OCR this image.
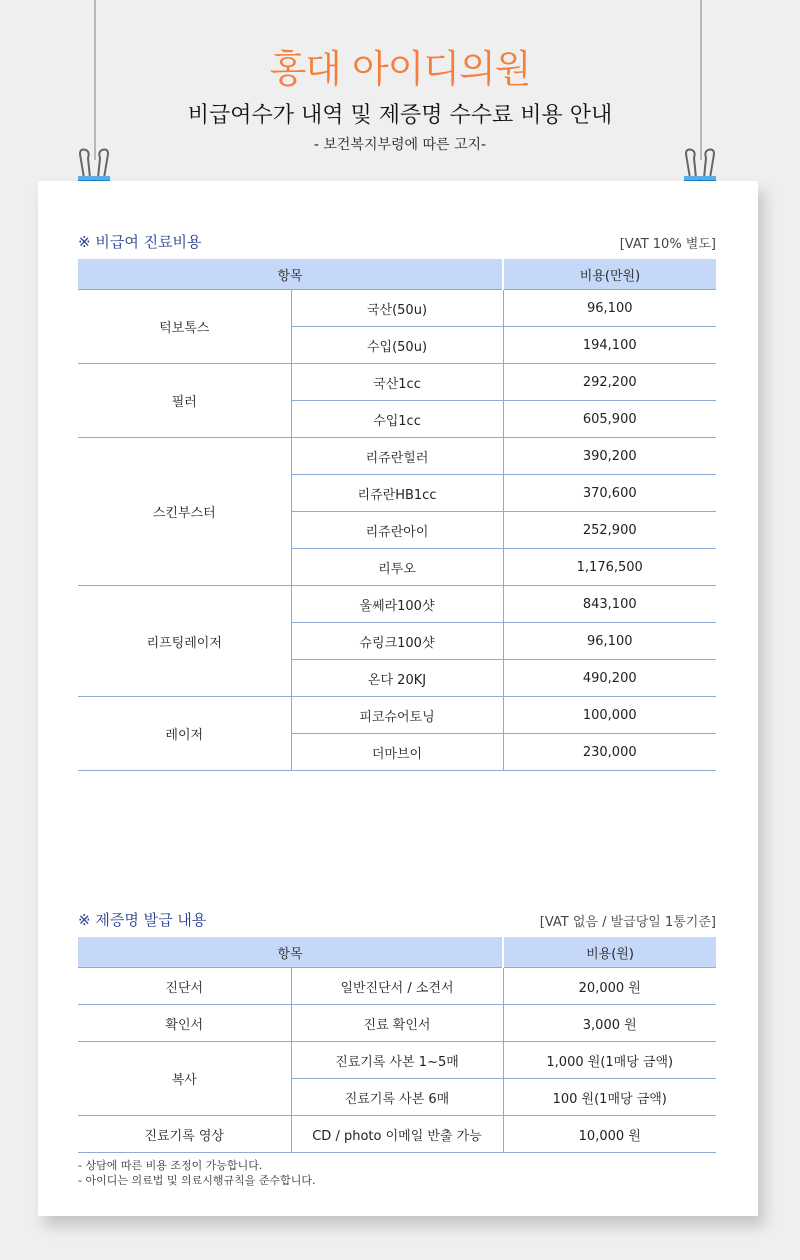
홍대 아이디의원
비급여수가 내역 및 제증명 수수료 비용 안내
- 보건복지부령에 따른 고지-
※ 비급여 진료비용	[VAT 10% 별도]
항목		비용(만원)
턱보톡스	국산(50u)	96,100
	수입(50u)	194,100
필러	국산1cc	292,200
	수입1cc	605,900
스킨부스터	리쥬란힐러	390,200
	리쥬란HB1cc	370,600
	리쥬란아이	252,900
	리투오	1,176,500
리프팅레이저	울쎄라100샷	843,100
	슈링크100샷	96,100
	온다 20KJ	490,200
레이저	피코슈어토닝	100,000
	더마브이	230,000
※ 제증명 발급 내용	[VAT 없음 / 발급당일 1통기준]
항목		비용(원)
진단서	일반진단서 / 소견서	20,000 원
확인서	진료 확인서	3,000 원
복사	진료기록 사본 1~5매	1,000 원(1매당 금액)
	진료기록 사본 6매	100 원(1매당 금액)
진료기록 영상	CD / photo 이메일 반출 가능	10,000 원
- 상담에 따른 비용 조정이 가능합니다.
- 아이디는 의료법 및 의료시행규칙을 준수합니다.
